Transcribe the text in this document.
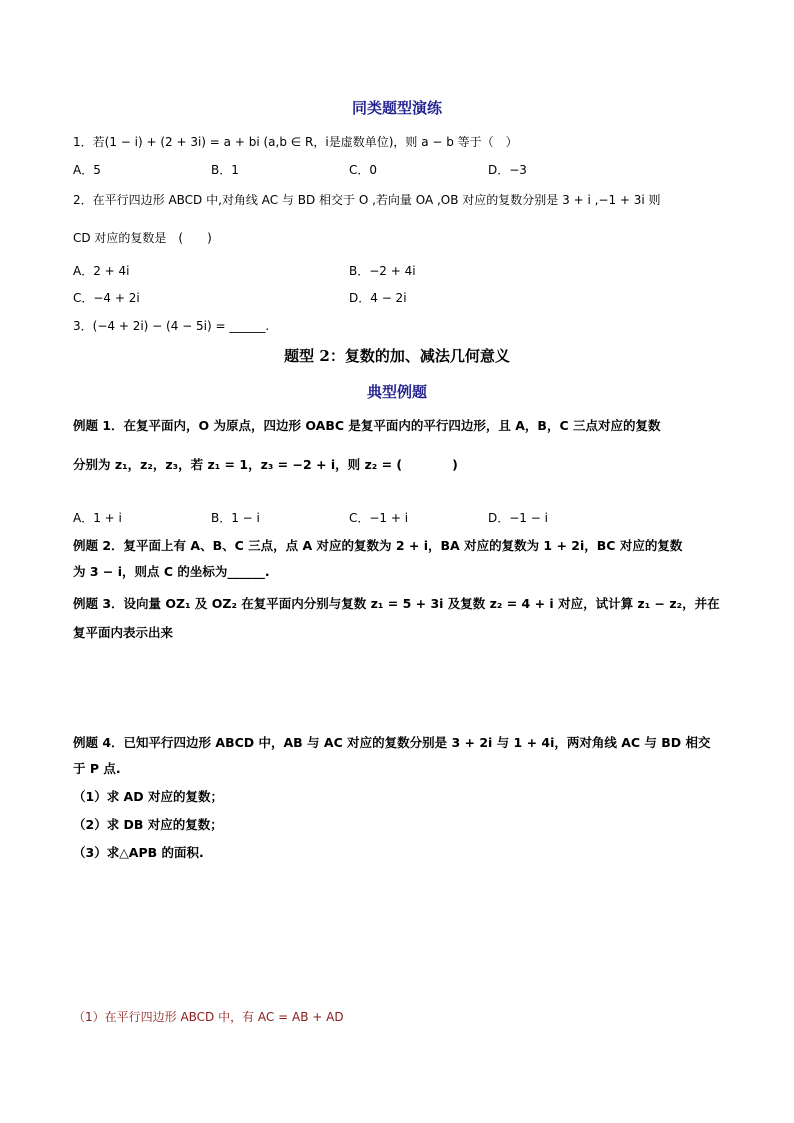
同类题型演练
1．若(1 − i) + (2 + 3i) = a + bi (a,b ∈ R，i是虚数单位)，则 a − b 等于（　）
A．5	B．1	C．0	D．−3
2．在平行四边形 ABCD 中,对角线 AC 与 BD 相交于 O ,若向量 OA ,OB 对应的复数分别是 3 + i ,−1 + 3i 则
CD 对应的复数是　(　　)
A．2 + 4i	B．−2 + 4i
C．−4 + 2i	D．4 − 2i
3．(−4 + 2i) − (4 − 5i) = ______.
题型 2：复数的加、减法几何意义
典型例题
例题 1．在复平面内，O 为原点，四边形 OABC 是复平面内的平行四边形，且 A，B，C 三点对应的复数
分别为 z₁，z₂，z₃，若 z₁ = 1，z₃ = −2 + i，则 z₂ = (　　　　)
A．1 + i	B．1 − i	C．−1 + i	D．−1 − i
例题 2．复平面上有 A、B、C 三点，点 A 对应的复数为 2 + i，BA 对应的复数为 1 + 2i，BC 对应的复数
为 3 − i，则点 C 的坐标为______.
例题 3．设向量 OZ₁ 及 OZ₂ 在复平面内分别与复数 z₁ = 5 + 3i 及复数 z₂ = 4 + i 对应，试计算 z₁ − z₂，并在
复平面内表示出来
例题 4．已知平行四边形 ABCD 中，AB 与 AC 对应的复数分别是 3 + 2i 与 1 + 4i，两对角线 AC 与 BD 相交
于 P 点.
（1）求 AD 对应的复数；
（2）求 DB 对应的复数；
（3）求△APB 的面积.
（1）在平行四边形 ABCD 中，有 AC = AB + AD
